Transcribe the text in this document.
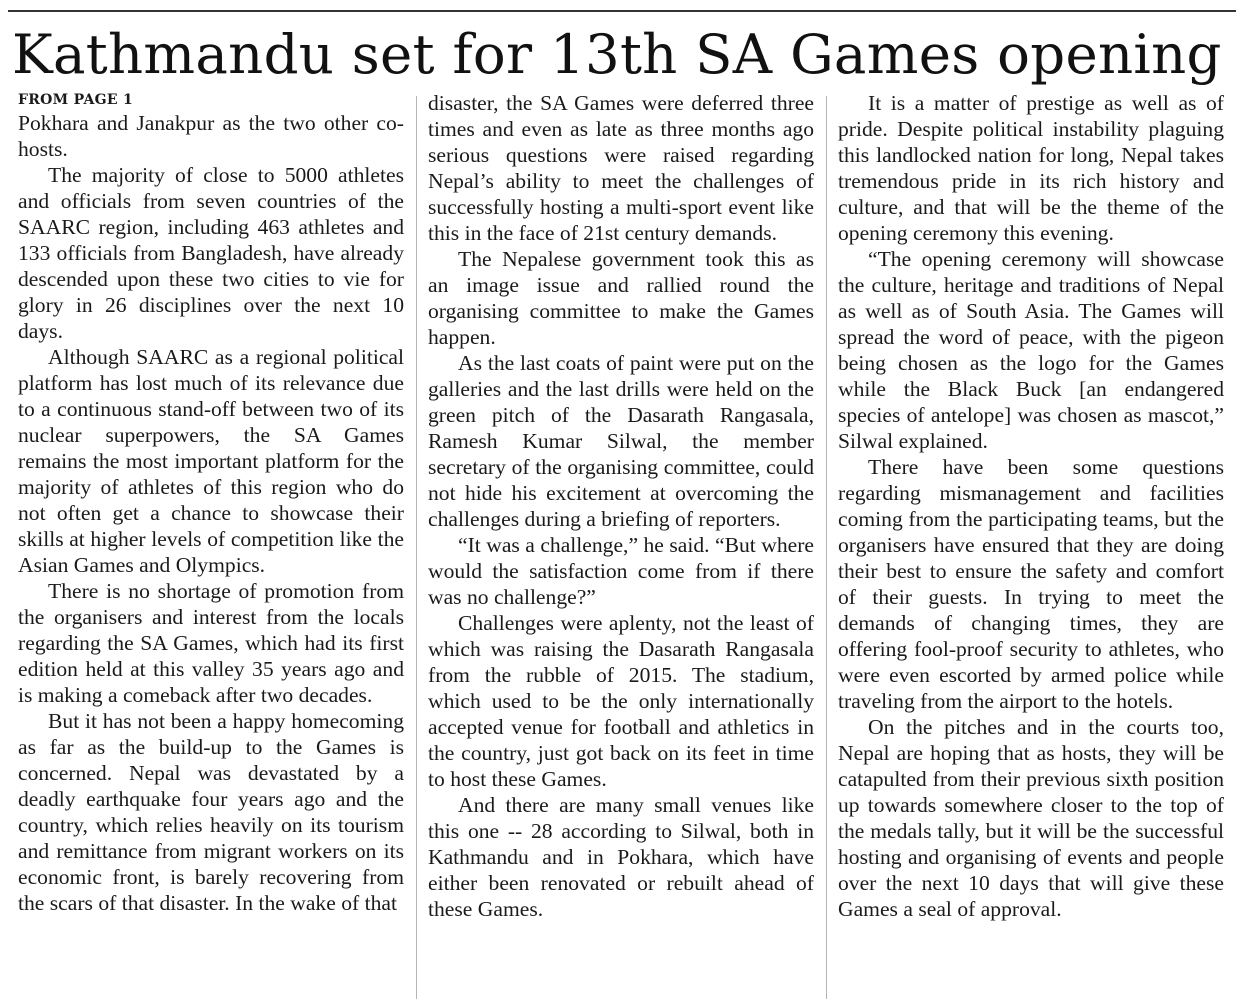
Kathmandu set for 13th SA Games opening

FROM PAGE 1

Pokhara and Janakpur as the two other co-hosts.

The majority of close to 5000 athletes and officials from seven countries of the SAARC region, including 463 athletes and 133 officials from Bangladesh, have already descended upon these two cities to vie for glory in 26 disciplines over the next 10 days.

Although SAARC as a regional political platform has lost much of its relevance due to a continuous stand-off between two of its nuclear superpowers, the SA Games remains the most important platform for the majority of athletes of this region who do not often get a chance to showcase their skills at higher levels of competition like the Asian Games and Olympics.

There is no shortage of promotion from the organisers and interest from the locals regarding the SA Games, which had its first edition held at this valley 35 years ago and is making a comeback after two decades.

But it has not been a happy homecoming as far as the build-up to the Games is concerned. Nepal was devastated by a deadly earthquake four years ago and the country, which relies heavily on its tourism and remittance from migrant workers on its economic front, is barely recovering from the scars of that disaster. In the wake of that

disaster, the SA Games were deferred three times and even as late as three months ago serious questions were raised regarding Nepal’s ability to meet the challenges of successfully hosting a multi-sport event like this in the face of 21st century demands.

The Nepalese government took this as an image issue and rallied round the organising committee to make the Games happen.

As the last coats of paint were put on the galleries and the last drills were held on the green pitch of the Dasarath Rangasala, Ramesh Kumar Silwal, the member secretary of the organising committee, could not hide his excitement at overcoming the challenges during a briefing of reporters.

“It was a challenge,” he said. “But where would the satisfaction come from if there was no challenge?”

Challenges were aplenty, not the least of which was raising the Dasarath Rangasala from the rubble of 2015. The stadium, which used to be the only internationally accepted venue for football and athletics in the country, just got back on its feet in time to host these Games.

And there are many small venues like this one -- 28 according to Silwal, both in Kathmandu and in Pokhara, which have either been renovated or rebuilt ahead of these Games.

It is a matter of prestige as well as of pride. Despite political instability plaguing this landlocked nation for long, Nepal takes tremendous pride in its rich history and culture, and that will be the theme of the opening ceremony this evening.

“The opening ceremony will showcase the culture, heritage and traditions of Nepal as well as of South Asia. The Games will spread the word of peace, with the pigeon being chosen as the logo for the Games while the Black Buck [an endangered species of antelope] was chosen as mascot,” Silwal explained.

There have been some questions regarding mismanagement and facilities coming from the participating teams, but the organisers have ensured that they are doing their best to ensure the safety and comfort of their guests. In trying to meet the demands of changing times, they are offering fool-proof security to athletes, who were even escorted by armed police while traveling from the airport to the hotels.

On the pitches and in the courts too, Nepal are hoping that as hosts, they will be catapulted from their previous sixth position up towards somewhere closer to the top of the medals tally, but it will be the successful hosting and organising of events and people over the next 10 days that will give these Games a seal of approval.
